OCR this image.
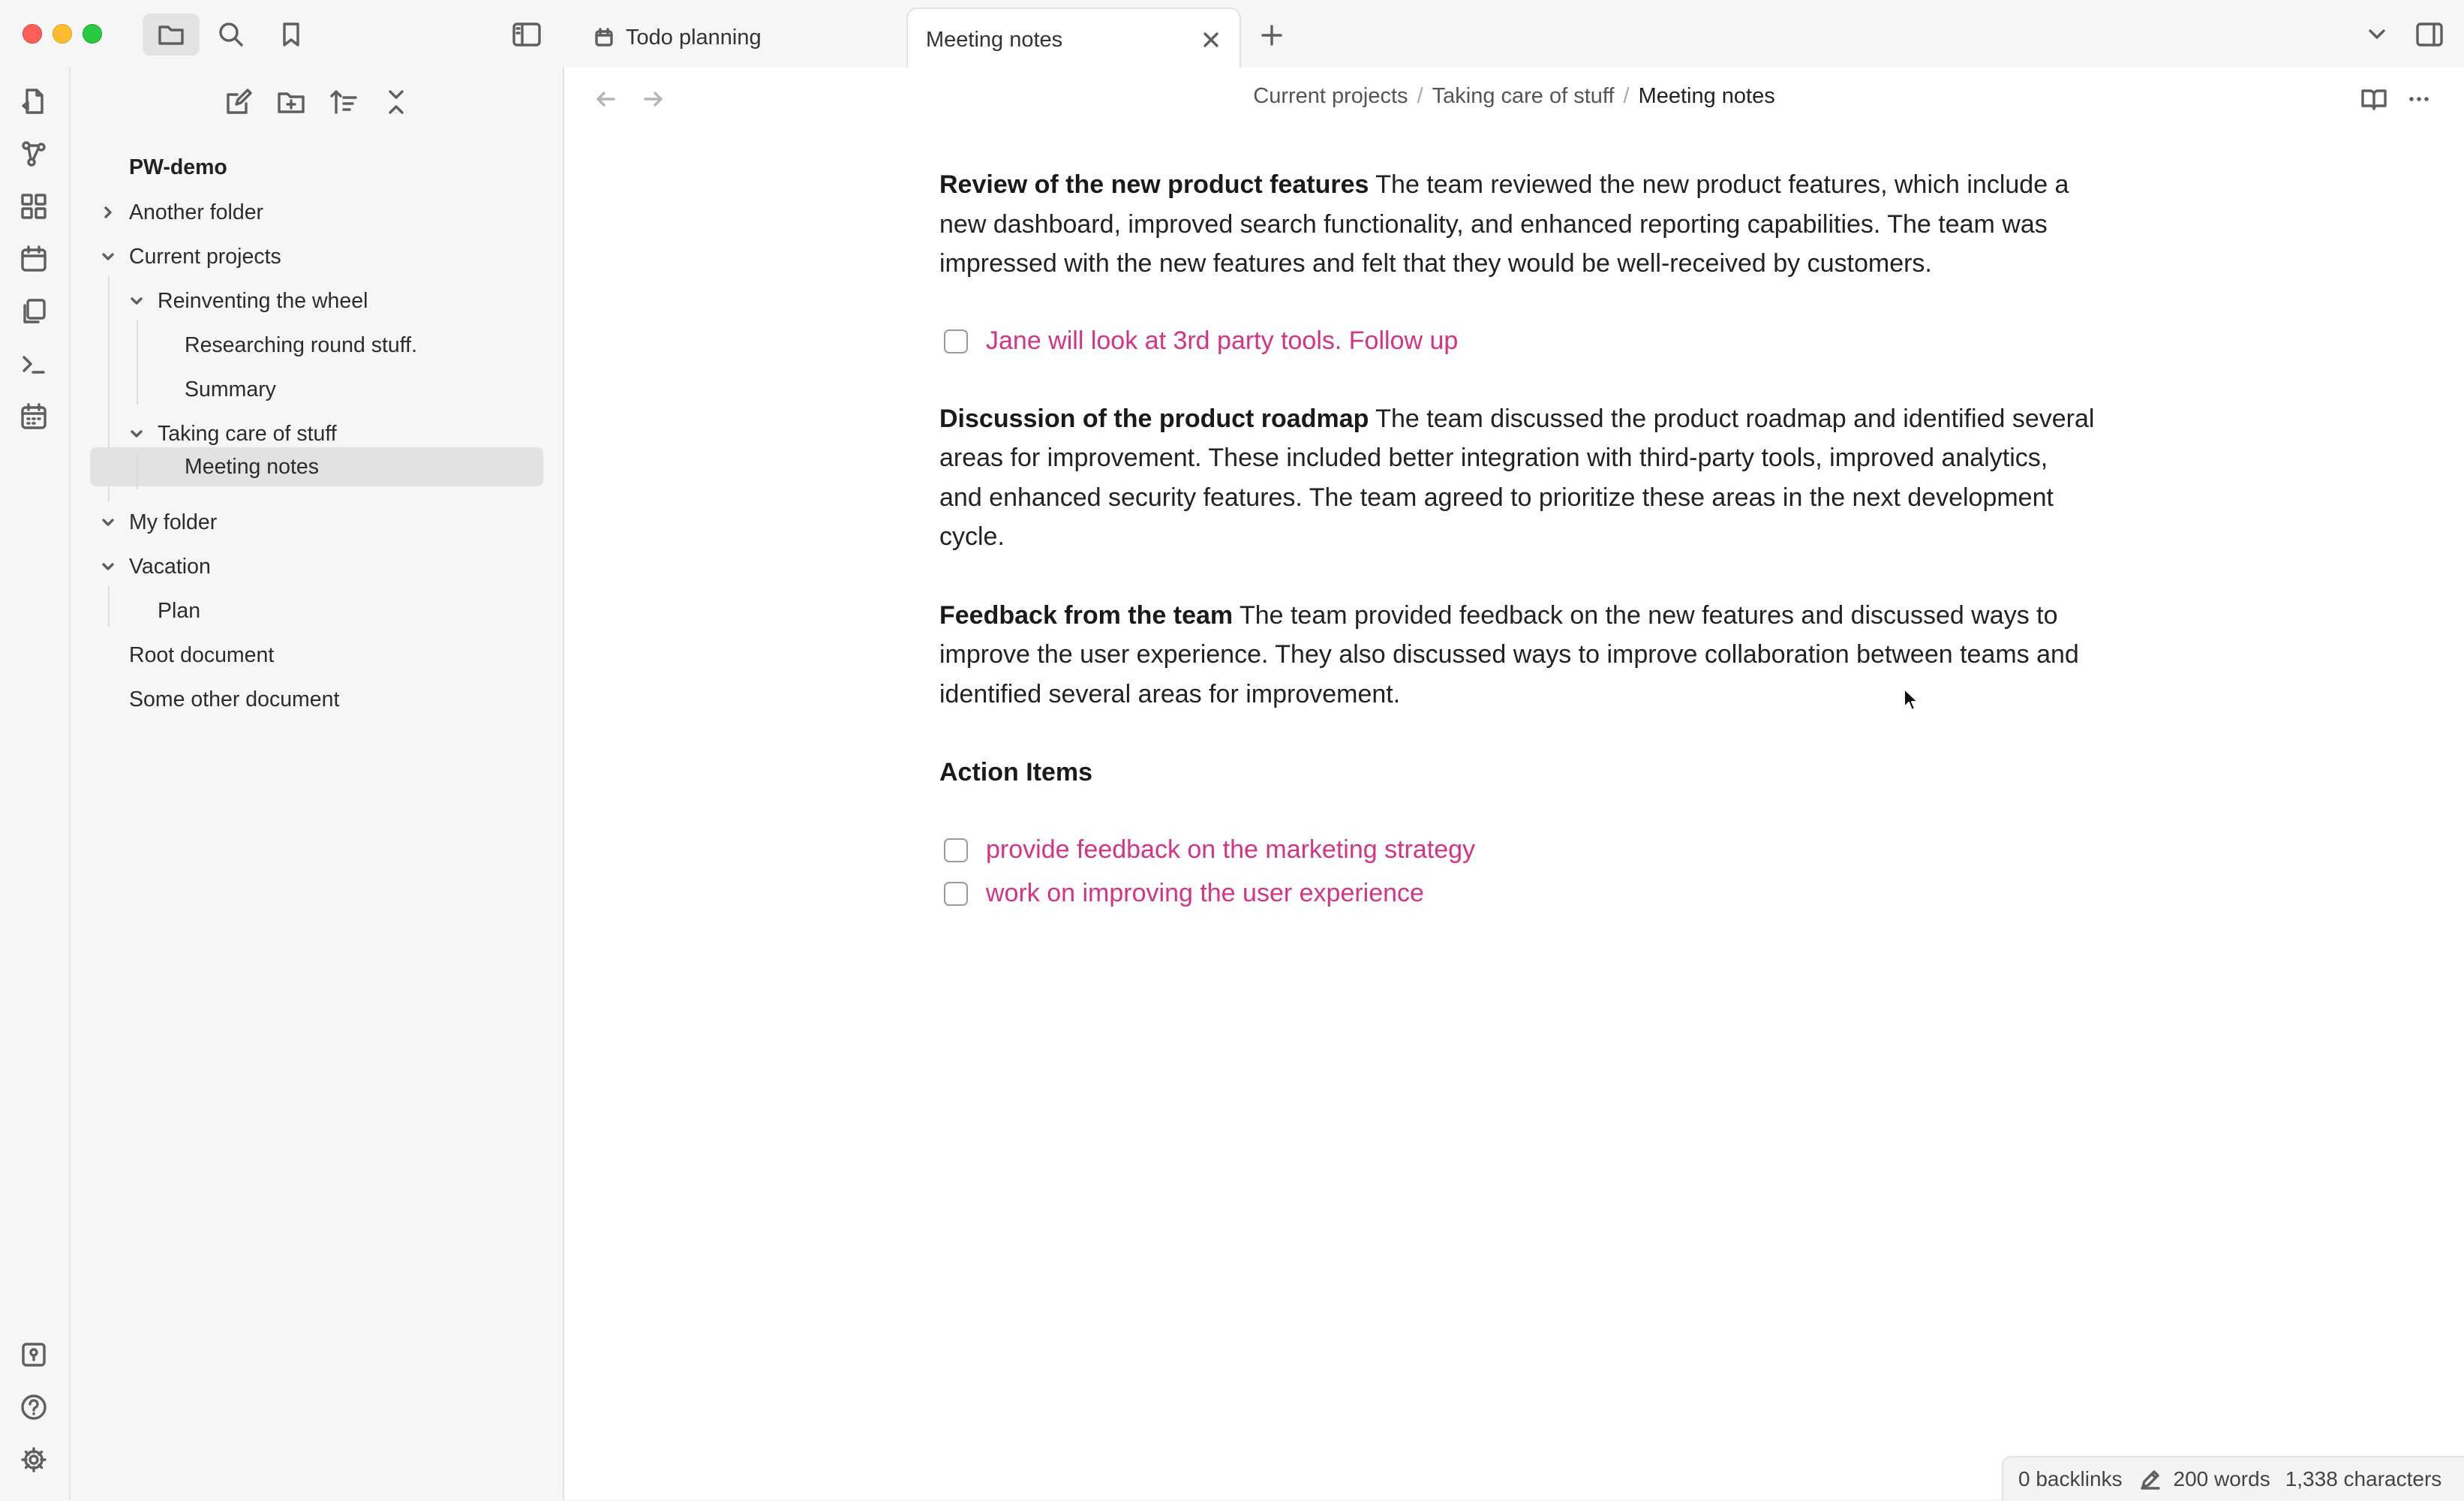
Todo planning	Meeting notes
PW-demo
Another folder
Current projects
Reinventing the wheel
Researching round stuff.
Summary
Taking care of stuff
Meeting notes
My folder
Vacation
Plan
Root document
Some other document
Current projects / Taking care of stuff / Meeting notes

Review of the new product features The team reviewed the new product features, which include a new dashboard, improved search functionality, and enhanced reporting capabilities. The team was impressed with the new features and felt that they would be well-received by customers.

Jane will look at 3rd party tools. Follow up

Discussion of the product roadmap The team discussed the product roadmap and identified several areas for improvement. These included better integration with third-party tools, improved analytics, and enhanced security features. The team agreed to prioritize these areas in the next development cycle.

Feedback from the team The team provided feedback on the new features and discussed ways to improve the user experience. They also discussed ways to improve collaboration between teams and identified several areas for improvement.

Action Items

provide feedback on the marketing strategy
work on improving the user experience
0 backlinks 200 words 1,338 characters
